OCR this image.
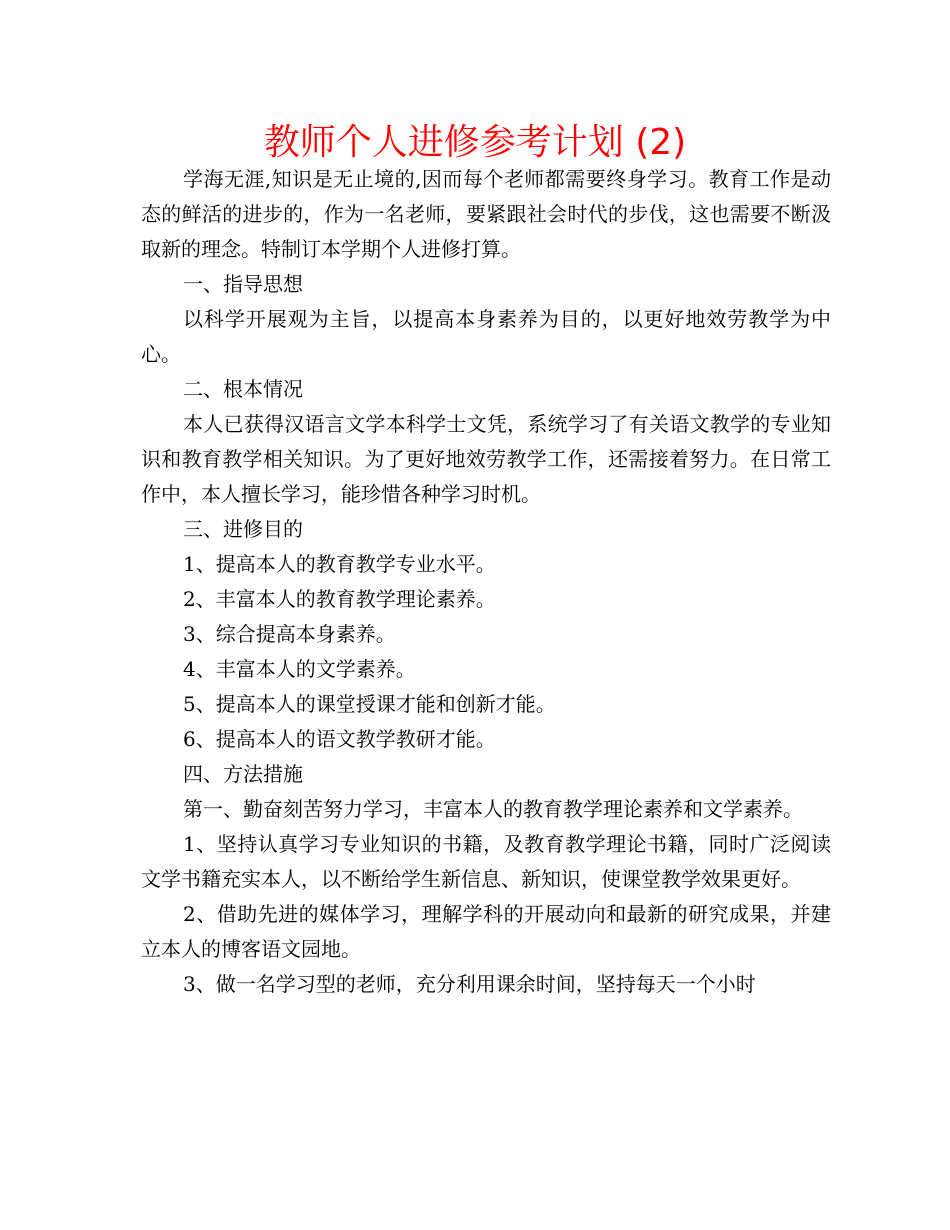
教师个人进修参考计划 (2)

学海无涯,知识是无止境的,因而每个老师都需要终身学习。教育工作是动态的鲜活的进步的，作为一名老师，要紧跟社会时代的步伐，这也需要不断汲取新的理念。特制订本学期个人进修打算。

一、指导思想

以科学开展观为主旨，以提高本身素养为目的，以更好地效劳教学为中心。

二、根本情况

本人已获得汉语言文学本科学士文凭，系统学习了有关语文教学的专业知识和教育教学相关知识。为了更好地效劳教学工作，还需接着努力。在日常工作中，本人擅长学习，能珍惜各种学习时机。

三、进修目的

1、提高本人的教育教学专业水平。

2、丰富本人的教育教学理论素养。

3、综合提高本身素养。

4、丰富本人的文学素养。

5、提高本人的课堂授课才能和创新才能。

6、提高本人的语文教学教研才能。

四、方法措施

第一、勤奋刻苦努力学习，丰富本人的教育教学理论素养和文学素养。

1、坚持认真学习专业知识的书籍，及教育教学理论书籍，同时广泛阅读文学书籍充实本人，以不断给学生新信息、新知识，使课堂教学效果更好。

2、借助先进的媒体学习，理解学科的开展动向和最新的研究成果，并建立本人的博客语文园地。

3、做一名学习型的老师，充分利用课余时间，坚持每天一个小时
